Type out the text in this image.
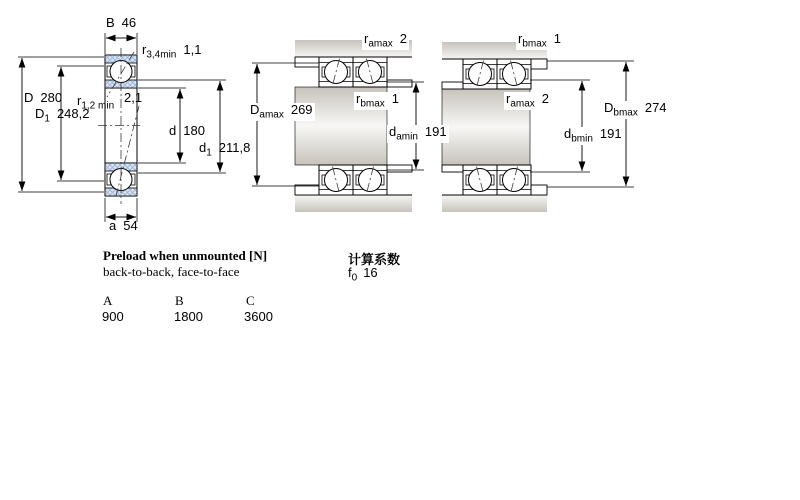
B 46
$r_{3,4min}$ 1,1
D 280 $r_{1,2 min}$
2,1
$D_1$ 248,2
d 180
$d_1$ 211,8
a 54
$r_{amax}$ 2
$D_{amax}$ 269
$r_{bmax}$ 1
$d_{amin}$ 191
$r_{bmax}$ 1
$r_{amax}$ 2
$D_{bmax}$ 274
$d_{bmin}$ 191
Preload when unmounted [N]
back-to-back, face-to-face
计算系数
$f_0$ 16
A	B	C
900	1800	3600
